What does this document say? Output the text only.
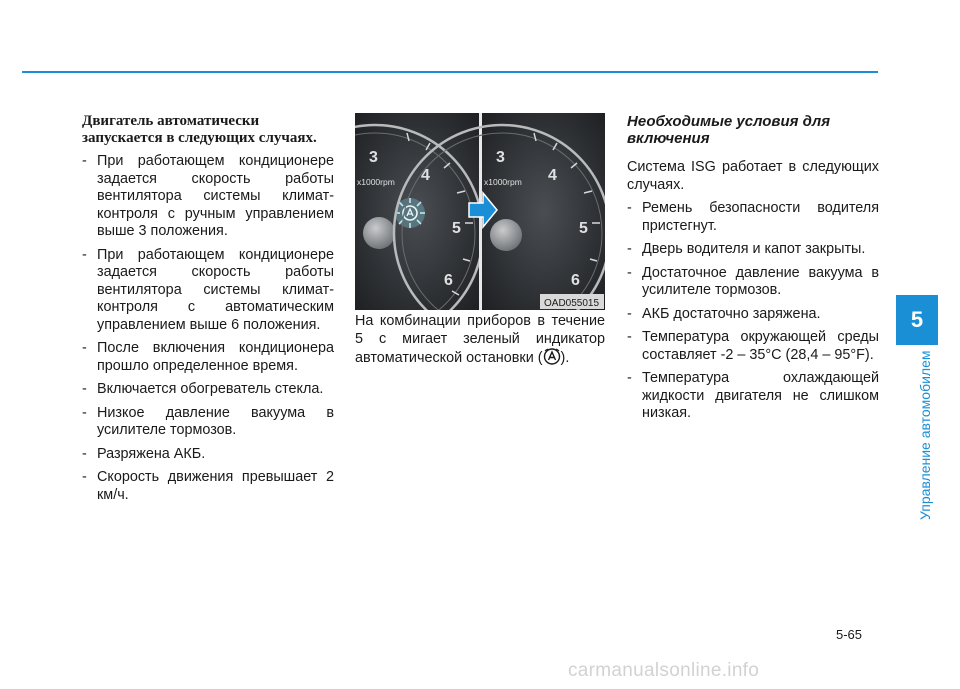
Двигатель автоматически запускается в следующих случаях.

- При работающем кондиционере задается скорость работы вентилятора системы климат-контроля с ручным управлением выше 3 положения.
- При работающем кондиционере задается скорость работы вентилятора системы климат-контроля с автоматическим управлением выше 6 положения.
- После включения кондиционера прошло определенное время.
- Включается обогреватель стекла.
- Низкое давление вакуума в усилителе тормозов.
- Разряжена АКБ.
- Скорость движения превышает 2 км/ч.
3
4
5
6
x1000rpm
3
4
5
6
x1000rpm
OAD055015

На комбинации приборов в течение 5 с мигает зеленый индикатор автоматической остановки ( ).

Необходимые условия для включения

Система ISG работает в следующих случаях.

- Ремень безопасности водителя пристегнут.
- Дверь водителя и капот закрыты.
- Достаточное давление вакуума в усилителе тормозов.
- АКБ достаточно заряжена.
- Температура окружающей среды составляет -2 – 35°C (28,4 – 95°F).
- Температура охлаждающей жидкости двигателя не слишком низкая.
5
Управление автомобилем
5-65
carmanualsonline.info
